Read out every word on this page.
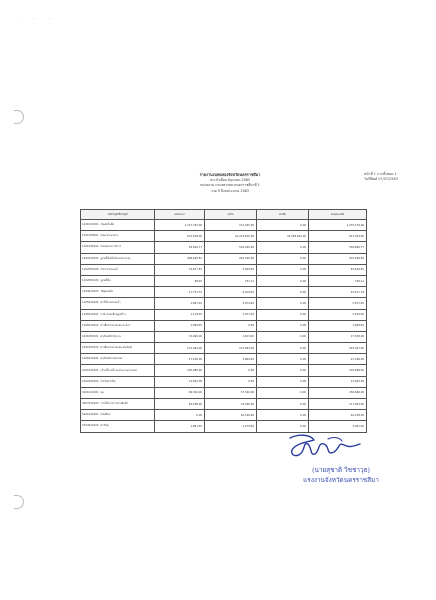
· · ·
รายงานงบทดลองจังหวัดนครราชสีมา
ประจำเดือน มิถุนายน 2563
หน่วยงาน แขวงทางหลวงนครราชสีมาที่ 1
งวด 9 ปีงบประมาณ 2563
หน้าที่ 1 จากทั้งหมด 1
วันที่พิมพ์ 07/07/2563
รหัสบัญชี/ชื่อบัญชี	ยอดยกมา	เดบิต	เครดิต	ยอดคงเหลือ
1101010101 เงินสดในมือ	1,127,764.00	151,395.00	0.00	1,279,159.00
1101020501 เงินฝากธนาคาร	972,558.00	41,223,810.00	41,558,904.00	637,464.00
1101030102 เงินทดรองราชการ	28,840.77	530,020.00	0.00	558,860.77
1102010102 ลูกหนี้เงินยืมในงบประมาณ	408,628.81	262,000.00	0.00	670,628.81
1102050106 เงินจ่ายล่วงหน้า	79,677.81	3,949.00	0.00	83,626.81
1102050124 ลูกหนี้อื่น	68.00	731.11	0.00	799.11
1104010103 วัสดุคงคลัง	17,753.33	6,918.00	0.00	24,671.33
1105010105 ค่าใช้จ่ายล่วงหน้า	1,897.00	3,974.00	0.00	5,871.00
1106010101 อาคารและสิ่งปลูกสร้าง	1,118.00	1,701.00	0.00	2,819.00
1106010102 ค่าเสื่อมราคาสะสม-อาคาร	1,999.00	0.00	0.00	1,999.00
1201050101 ครุภัณฑ์สำนักงาน	15,496.00	1,813.00	0.00	17,309.00
1201050102 ค่าเสื่อมราคาสะสม-ครุภัณฑ์	131,064.00	123,983.00	0.00	255,047.00
1206010101 ครุภัณฑ์ยานพาหนะ	17,438.00	3,960.00	0.00	21,398.00
2101010101 เจ้าหนี้การค้า-หน่วยงานภายนอก	105,488.00	0.00	0.00	105,488.00
2102040102 เงินรับฝากอื่น	14,002.00	0.00	0.00	14,002.00
3101010101 ทุน	99,326.00	57,340.00	0.00	156,666.00
4307010103 รายได้จากการขายสินค้า	83,298.00	34,546.00	0.00	117,844.00
5101010101 เงินเดือน	0.00	64,538.00	0.00	64,538.00
5104010104 ค่าวัสดุ	1,891.00	2,470.00	0.00	4,361.00
(นายสุชาติ วิชชาวุธ)
แรงงานจังหวัดนครราชสีมา
